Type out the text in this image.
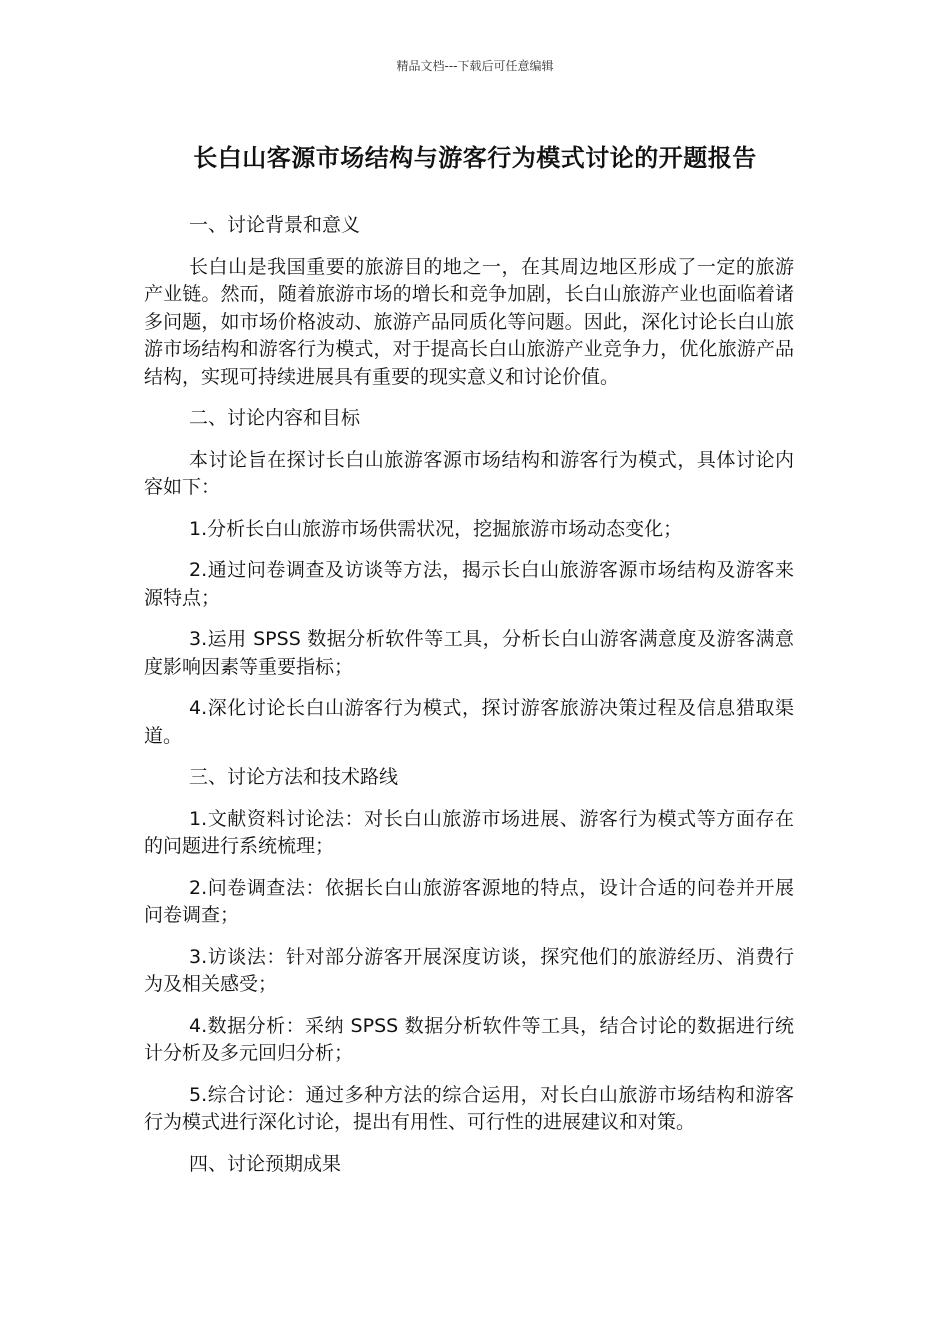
精品文档---下载后可任意编辑
长白山客源市场结构与游客行为模式讨论的开题报告

一、讨论背景和意义

长白山是我国重要的旅游目的地之一，在其周边地区形成了一定的旅游产业链。然而，随着旅游市场的增长和竞争加剧，长白山旅游产业也面临着诸多问题，如市场价格波动、旅游产品同质化等问题。因此，深化讨论长白山旅游市场结构和游客行为模式，对于提高长白山旅游产业竞争力，优化旅游产品结构，实现可持续进展具有重要的现实意义和讨论价值。

二、讨论内容和目标

本讨论旨在探讨长白山旅游客源市场结构和游客行为模式，具体讨论内容如下：

1.分析长白山旅游市场供需状况，挖掘旅游市场动态变化；

2.通过问卷调查及访谈等方法，揭示长白山旅游客源市场结构及游客来源特点；

3.运用 SPSS 数据分析软件等工具，分析长白山游客满意度及游客满意度影响因素等重要指标；

4.深化讨论长白山游客行为模式，探讨游客旅游决策过程及信息猎取渠道。

三、讨论方法和技术路线

1.文献资料讨论法：对长白山旅游市场进展、游客行为模式等方面存在的问题进行系统梳理；

2.问卷调查法：依据长白山旅游客源地的特点，设计合适的问卷并开展问卷调查；

3.访谈法：针对部分游客开展深度访谈，探究他们的旅游经历、消费行为及相关感受；

4.数据分析：采纳 SPSS 数据分析软件等工具，结合讨论的数据进行统计分析及多元回归分析；

5.综合讨论：通过多种方法的综合运用，对长白山旅游市场结构和游客行为模式进行深化讨论，提出有用性、可行性的进展建议和对策。

四、讨论预期成果
